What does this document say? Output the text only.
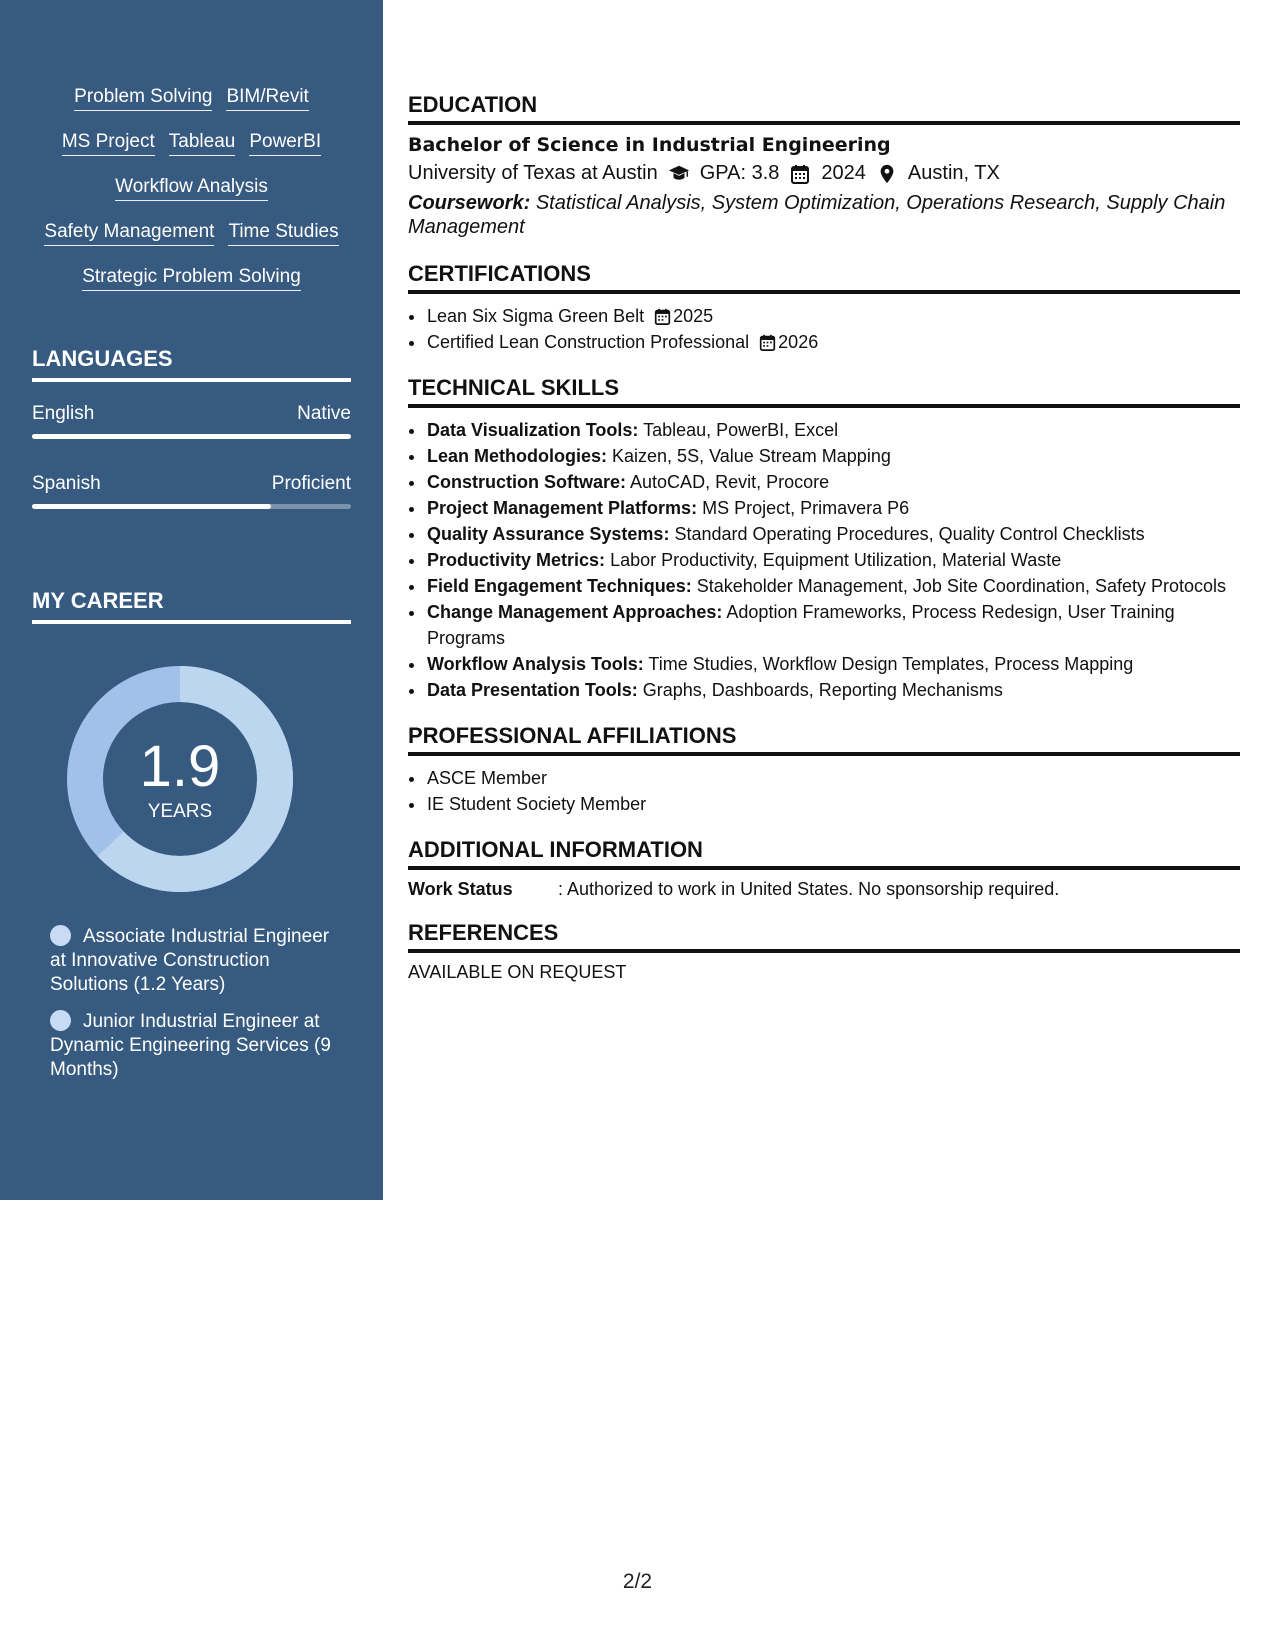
Problem Solving BIM/Revit
MS Project Tableau PowerBI
Workflow Analysis
Safety Management Time Studies
Strategic Problem Solving
LANGUAGES
English	Native
Spanish	Proficient
MY CAREER
1.9
YEARS
Associate Industrial Engineer at Innovative Construction Solutions (1.2 Years)
Junior Industrial Engineer at Dynamic Engineering Services (9 Months)
EDUCATION
Bachelor of Science in Industrial Engineering
University of Texas at Austin GPA: 3.8 2024 Austin, TX
Coursework: Statistical Analysis, System Optimization, Operations Research, Supply Chain Management
CERTIFICATIONS
• Lean Six Sigma Green Belt 2025
• Certified Lean Construction Professional 2026
TECHNICAL SKILLS
• Data Visualization Tools: Tableau, PowerBI, Excel
• Lean Methodologies: Kaizen, 5S, Value Stream Mapping
• Construction Software: AutoCAD, Revit, Procore
• Project Management Platforms: MS Project, Primavera P6
• Quality Assurance Systems: Standard Operating Procedures, Quality Control Checklists
• Productivity Metrics: Labor Productivity, Equipment Utilization, Material Waste
• Field Engagement Techniques: Stakeholder Management, Job Site Coordination, Safety Protocols
• Change Management Approaches: Adoption Frameworks, Process Redesign, User Training Programs
• Workflow Analysis Tools: Time Studies, Workflow Design Templates, Process Mapping
• Data Presentation Tools: Graphs, Dashboards, Reporting Mechanisms
PROFESSIONAL AFFILIATIONS
• ASCE Member
• IE Student Society Member
ADDITIONAL INFORMATION
Work Status	: Authorized to work in United States. No sponsorship required.
REFERENCES
AVAILABLE ON REQUEST
2/2
